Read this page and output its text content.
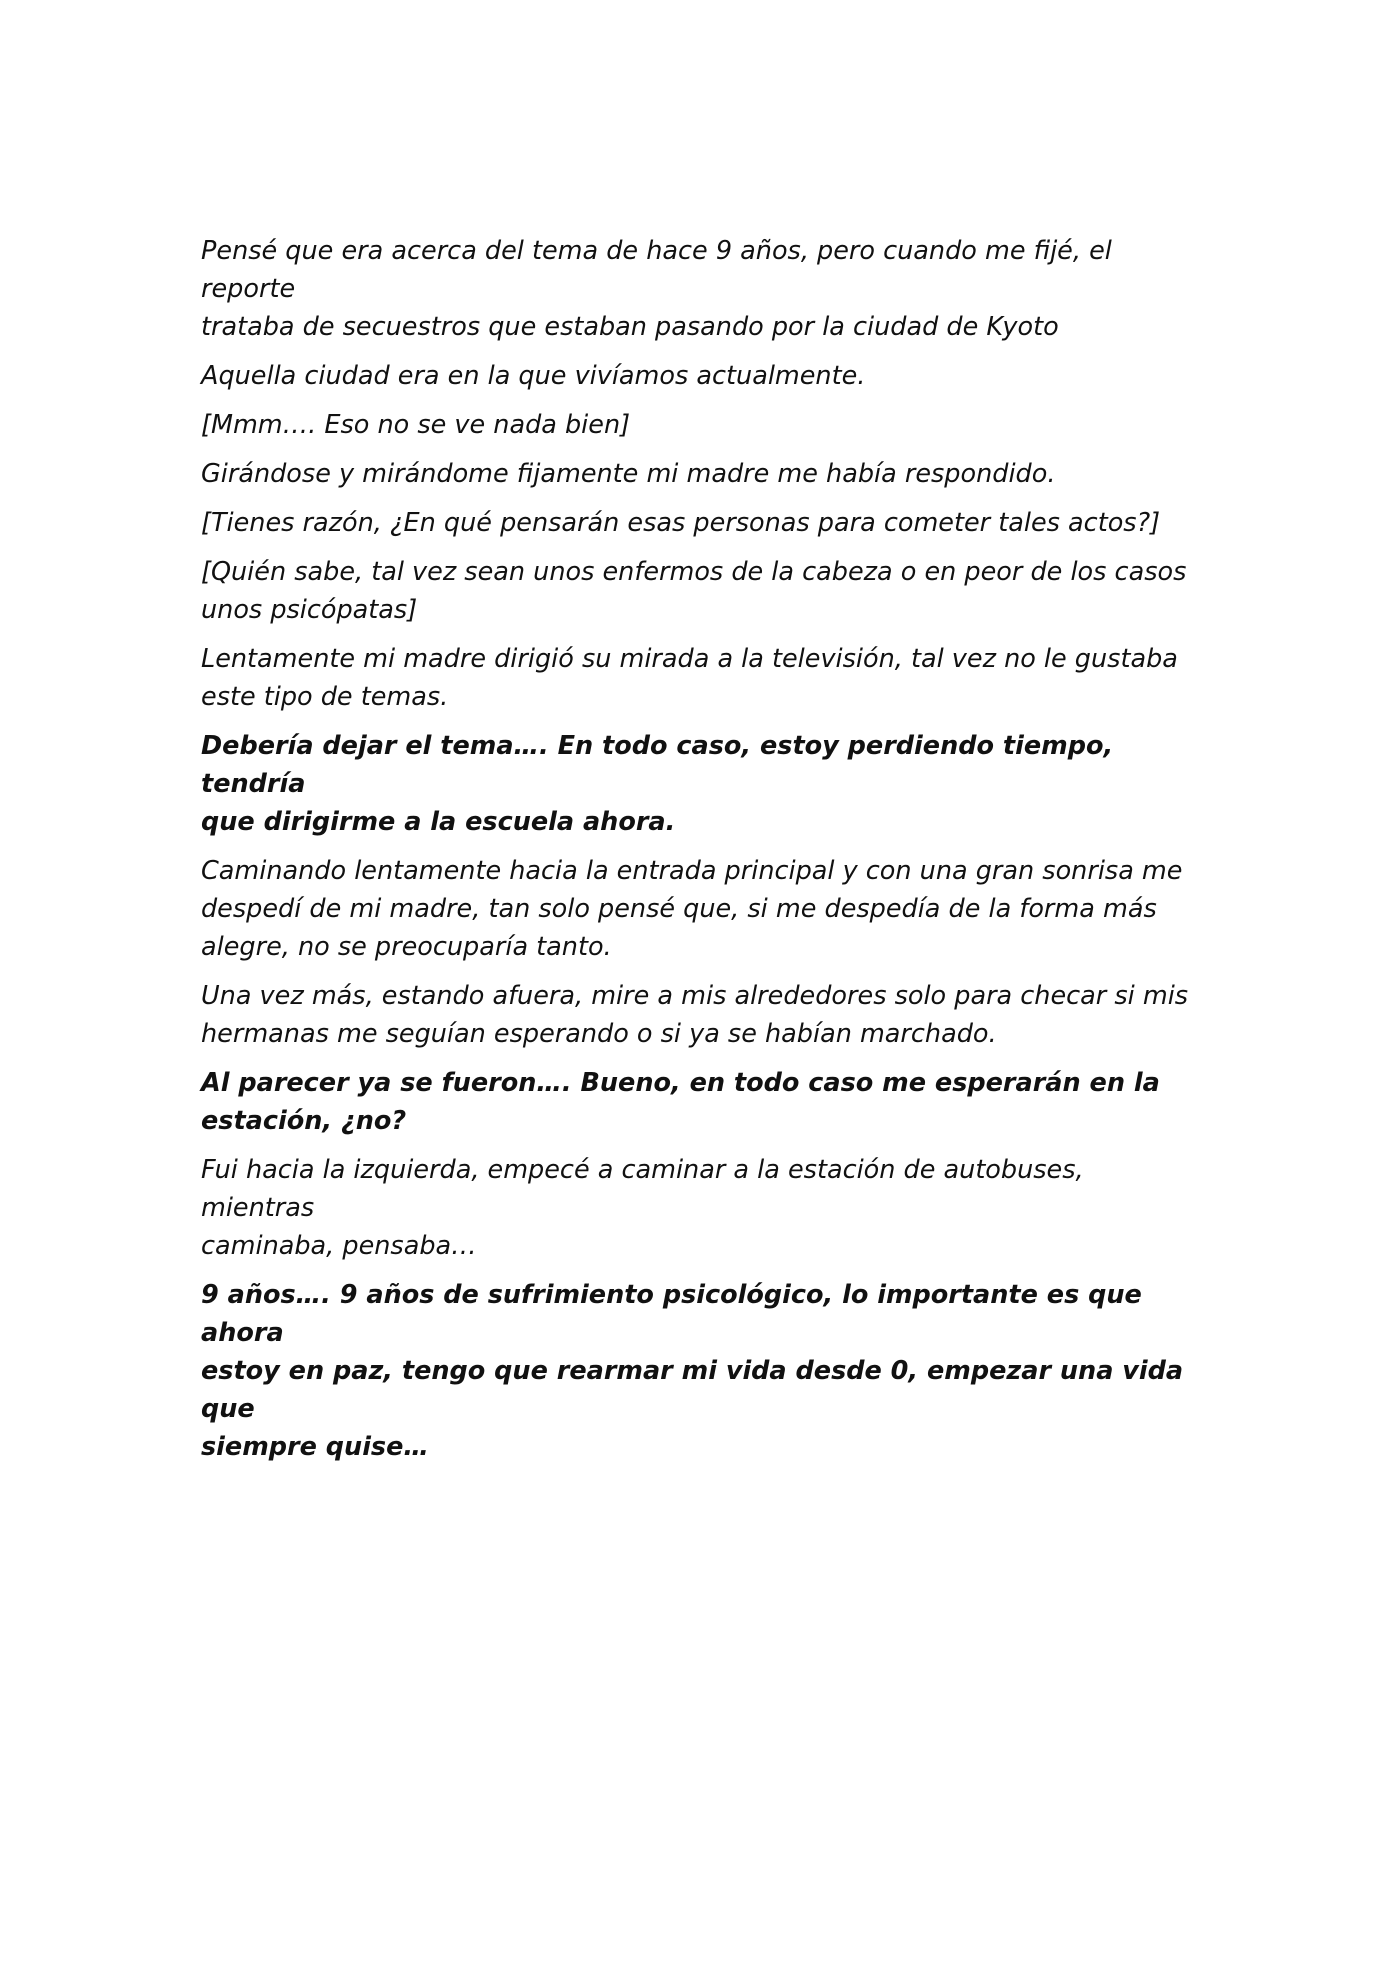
Pensé que era acerca del tema de hace 9 años, pero cuando me fijé, el reporte
trataba de secuestros que estaban pasando por la ciudad de Kyoto
Aquella ciudad era en la que vivíamos actualmente.
[Mmm…. Eso no se ve nada bien]
Girándose y mirándome fijamente mi madre me había respondido.
[Tienes razón, ¿En qué pensarán esas personas para cometer tales actos?]
[Quién sabe, tal vez sean unos enfermos de la cabeza o en peor de los casos
unos psicópatas]
Lentamente mi madre dirigió su mirada a la televisión, tal vez no le gustaba
este tipo de temas.
Debería dejar el tema…. En todo caso, estoy perdiendo tiempo, tendría
que dirigirme a la escuela ahora.
Caminando lentamente hacia la entrada principal y con una gran sonrisa me
despedí de mi madre, tan solo pensé que, si me despedía de la forma más
alegre, no se preocuparía tanto.
Una vez más, estando afuera, mire a mis alrededores solo para checar si mis
hermanas me seguían esperando o si ya se habían marchado.
Al parecer ya se fueron…. Bueno, en todo caso me esperarán en la
estación, ¿no?
Fui hacia la izquierda, empecé a caminar a la estación de autobuses, mientras
caminaba, pensaba…
9 años…. 9 años de sufrimiento psicológico, lo importante es que ahora
estoy en paz, tengo que rearmar mi vida desde 0, empezar una vida que
siempre quise…
